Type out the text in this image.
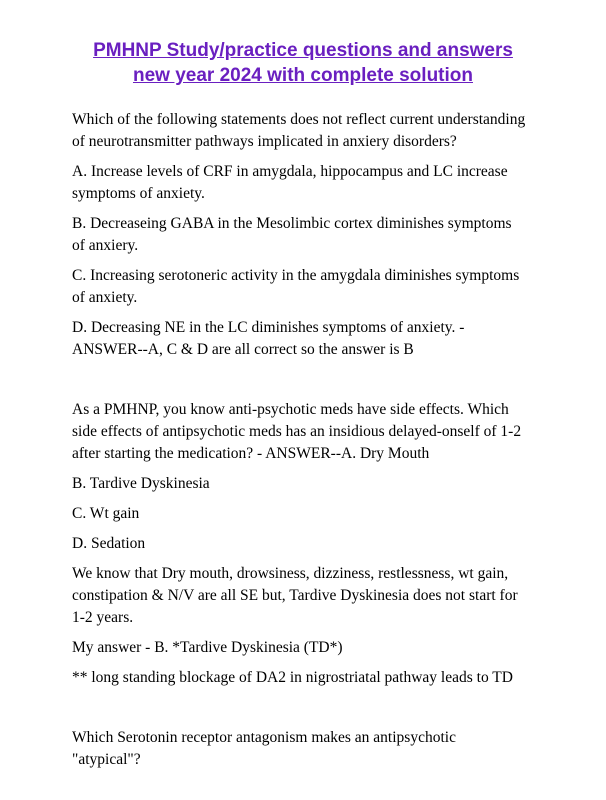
PMHNP Study/practice questions and answers
new year 2024 with complete solution

Which of the following statements does not reflect current understanding
of neurotransmitter pathways implicated in anxiery disorders?

A. Increase levels of CRF in amygdala, hippocampus and LC increase
symptoms of anxiety.

B. Decreaseing GABA in the Mesolimbic cortex diminishes symptoms
of anxiery.

C. Increasing serotoneric activity in the amygdala diminishes symptoms
of anxiety.

D. Decreasing NE in the LC diminishes symptoms of anxiety. -
ANSWER--A, C & D are all correct so the answer is B

As a PMHNP, you know anti-psychotic meds have side effects. Which
side effects of antipsychotic meds has an insidious delayed-onself of 1-2
after starting the medication? - ANSWER--A. Dry Mouth

B. Tardive Dyskinesia

C. Wt gain

D. Sedation

We know that Dry mouth, drowsiness, dizziness, restlessness, wt gain,
constipation & N/V are all SE but, Tardive Dyskinesia does not start for
1-2 years.

My answer - B. *Tardive Dyskinesia (TD*)

** long standing blockage of DA2 in nigrostriatal pathway leads to TD

Which Serotonin receptor antagonism makes an antipsychotic
"atypical"?
